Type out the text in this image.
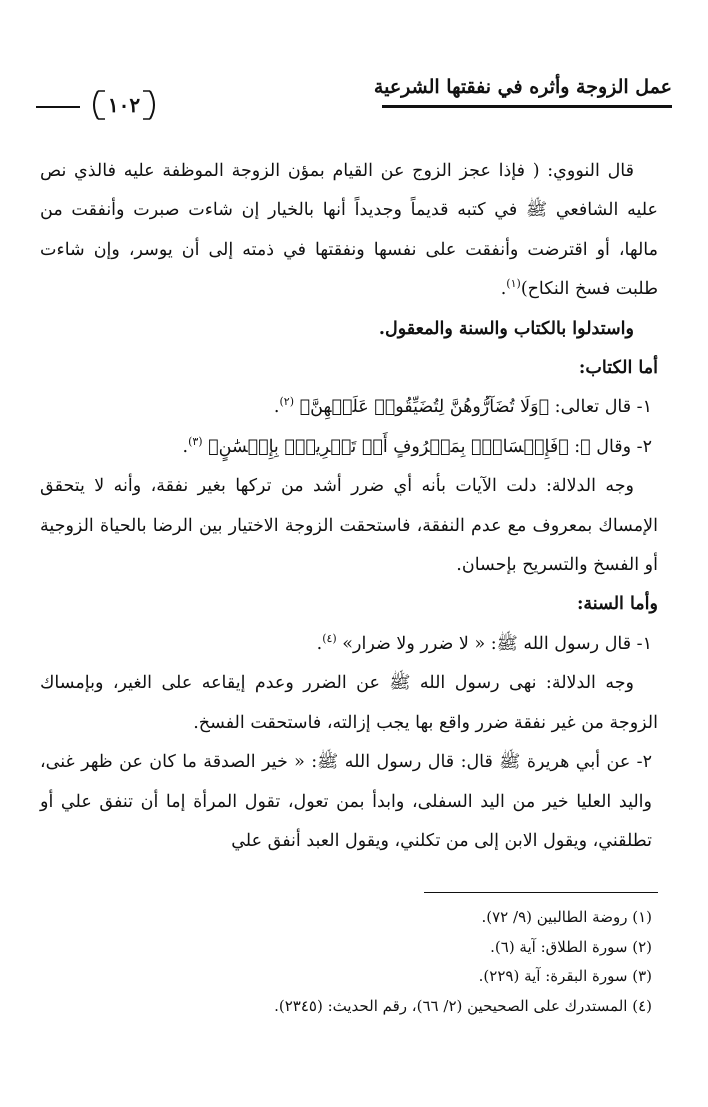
عمل الزوجة وأثره في نفقتها الشرعية
١٠٢

قال النووي: ( فإذا عجز الزوج عن القيام بمؤن الزوجة الموظفة عليه فالذي نص عليه الشافعي ﷺ في كتبه قديماً وجديداً أنها بالخيار إن شاءت صبرت وأنفقت من مالها، أو اقترضت وأنفقت على نفسها ونفقتها في ذمته إلى أن يوسر، وإن شاءت طلبت فسخ النكاح)$^{(١)}$.

واستدلوا بالكتاب والسنة والمعقول.

أما الكتاب:

١- قال تعالى: ﴿وَلَا تُضَآرُّوهُنَّ لِتُضَيِّقُوا۟ عَلَيۡهِنَّ﴾ $^{(٢)}$.

٢- وقال ﷻ: ﴿فَإِمۡسَاكُۢ بِمَعۡرُوفٍ أَوۡ تَسۡرِيحُۢ بِإِحۡسَٰنٍ﴾ $^{(٣)}$.

وجه الدلالة: دلت الآيات بأنه أي ضرر أشد من تركها بغير نفقة، وأنه لا يتحقق الإمساك بمعروف مع عدم النفقة، فاستحقت الزوجة الاختيار بين الرضا بالحياة الزوجية أو الفسخ والتسريح بإحسان.

وأما السنة:

١- قال رسول الله ﷺ: « لا ضرر ولا ضرار» $^{(٤)}$.

وجه الدلالة: نهى رسول الله ﷺ عن الضرر وعدم إيقاعه على الغير، وبإمساك الزوجة من غير نفقة ضرر واقع بها يجب إزالته، فاستحقت الفسخ.

٢- عن أبي هريرة ﷺ قال: قال رسول الله ﷺ: « خير الصدقة ما كان عن ظهر غنى، واليد العليا خير من اليد السفلى، وابدأ بمن تعول، تقول المرأة إما أن تنفق علي أو تطلقني، ويقول الابن إلى من تكلني، ويقول العبد أنفق علي

(١) روضة الطالبين (٩/ ٧٢).
(٢) سورة الطلاق: آية (٦).
(٣) سورة البقرة: آية (٢٢٩).
(٤) المستدرك على الصحيحين (٢/ ٦٦)، رقم الحديث: (٢٣٤٥).
